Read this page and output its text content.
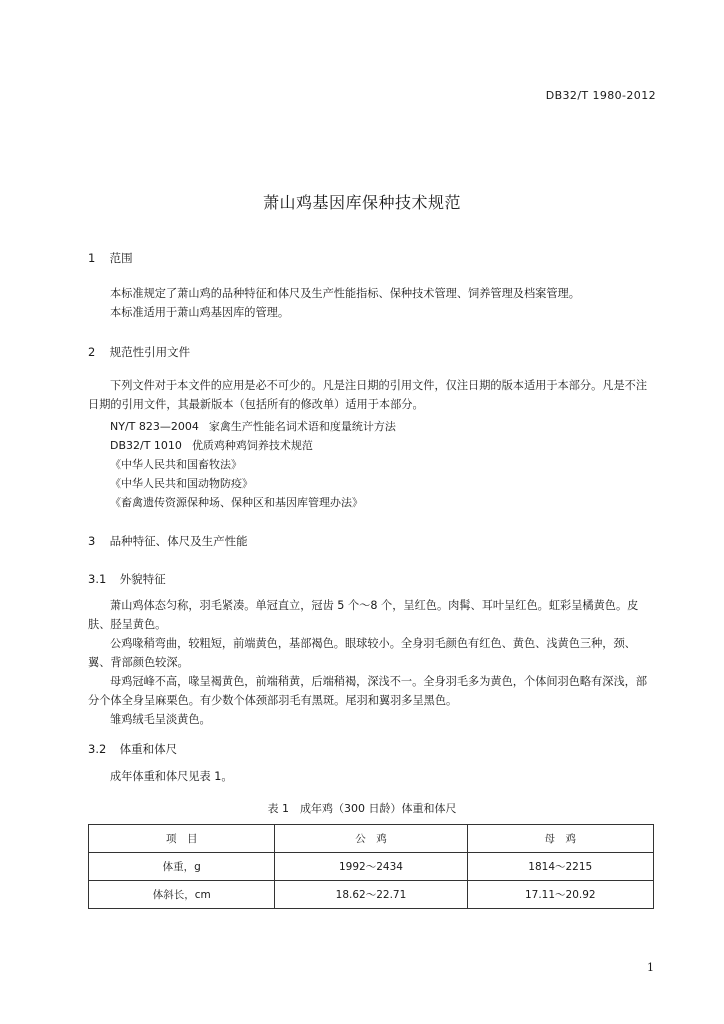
DB32/T 1980-2012
萧山鸡基因库保种技术规范
1 范围

本标准规定了萧山鸡的品种特征和体尺及生产性能指标、保种技术管理、饲养管理及档案管理。

本标准适用于萧山鸡基因库的管理。

2 规范性引用文件

下列文件对于本文件的应用是必不可少的。凡是注日期的引用文件，仅注日期的版本适用于本部分。凡是不注日期的引用文件，其最新版本（包括所有的修改单）适用于本部分。

NY/T 823—2004 家禽生产性能名词术语和度量统计方法
DB32/T 1010 优质鸡种鸡饲养技术规范
《中华人民共和国畜牧法》
《中华人民共和国动物防疫》
《畜禽遗传资源保种场、保种区和基因库管理办法》
3 品种特征、体尺及生产性能
3.1 外貌特征

萧山鸡体态匀称，羽毛紧凑。单冠直立，冠齿 5 个～8 个，呈红色。肉髯、耳叶呈红色。虹彩呈橘黄色。皮肤、胫呈黄色。

公鸡喙稍弯曲，较粗短，前端黄色，基部褐色。眼球较小。全身羽毛颜色有红色、黄色、浅黄色三种，颈、翼、背部颜色较深。

母鸡冠峰不高，喙呈褐黄色，前端稍黄，后端稍褐，深浅不一。全身羽毛多为黄色，个体间羽色略有深浅，部分个体全身呈麻栗色。有少数个体颈部羽毛有黑斑。尾羽和翼羽多呈黑色。

雏鸡绒毛呈淡黄色。

3.2 体重和体尺

成年体重和体尺见表 1。

表 1　成年鸡（300 日龄）体重和体尺
项　目	公　鸡	母　鸡
体重，g	1992～2434	1814～2215
体斜长，cm	18.62～22.71	17.11～20.92
1
